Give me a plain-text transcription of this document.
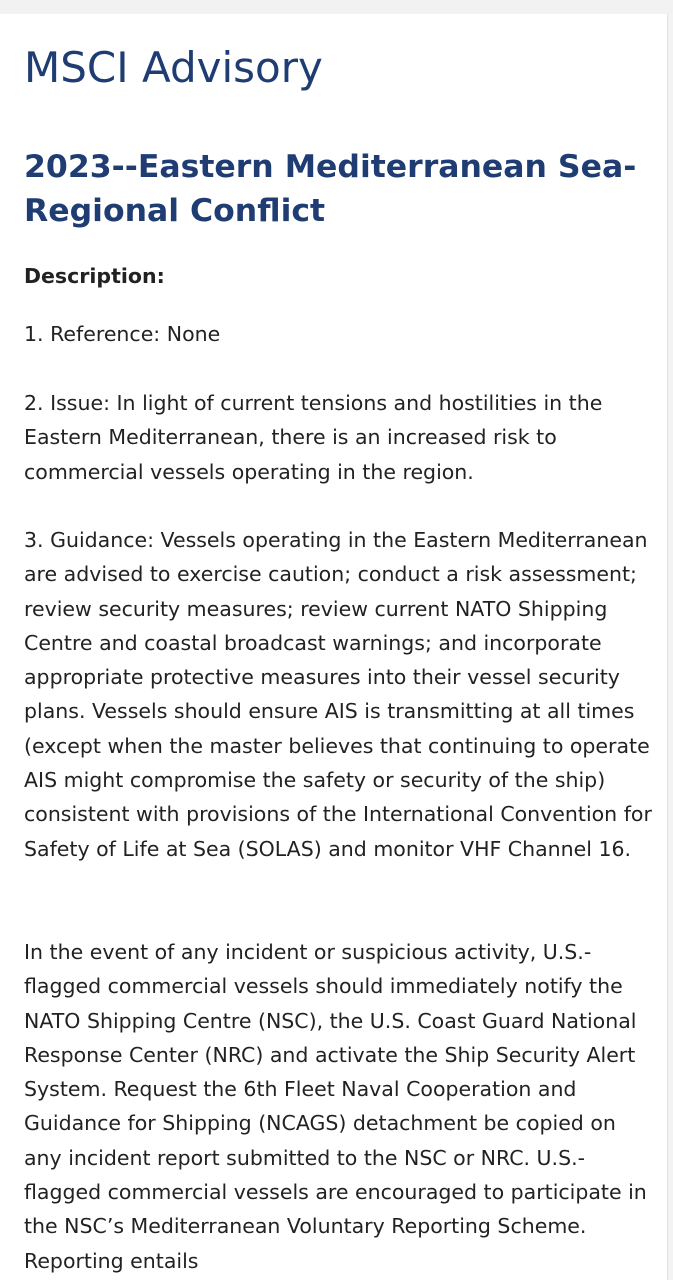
MSCI Advisory
2023--Eastern Mediterranean Sea- Regional Conflict

Description:

1. Reference: None

2. Issue: In light of current tensions and hostilities in the Eastern Mediterranean, there is an increased risk to commercial vessels operating in the region.

3. Guidance: Vessels operating in the Eastern Mediterranean are advised to exercise caution; conduct a risk assessment; review security measures; review current NATO Shipping Centre and coastal broadcast warnings; and incorporate appropriate protective measures into their vessel security plans. Vessels should ensure AIS is transmitting at all times (except when the master believes that continuing to operate AIS might compromise the safety or security of the ship) consistent with provisions of the International Convention for Safety of Life at Sea (SOLAS) and monitor VHF Channel 16.

In the event of any incident or suspicious activity, U.S.-flagged commercial vessels should immediately notify the NATO Shipping Centre (NSC), the U.S. Coast Guard National Response Center (NRC) and activate the Ship Security Alert System. Request the 6th Fleet Naval Cooperation and Guidance for Shipping (NCAGS) detachment be copied on any incident report submitted to the NSC or NRC. U.S.-flagged commercial vessels are encouraged to participate in the NSC’s Mediterranean Voluntary Reporting Scheme. Reporting entails
